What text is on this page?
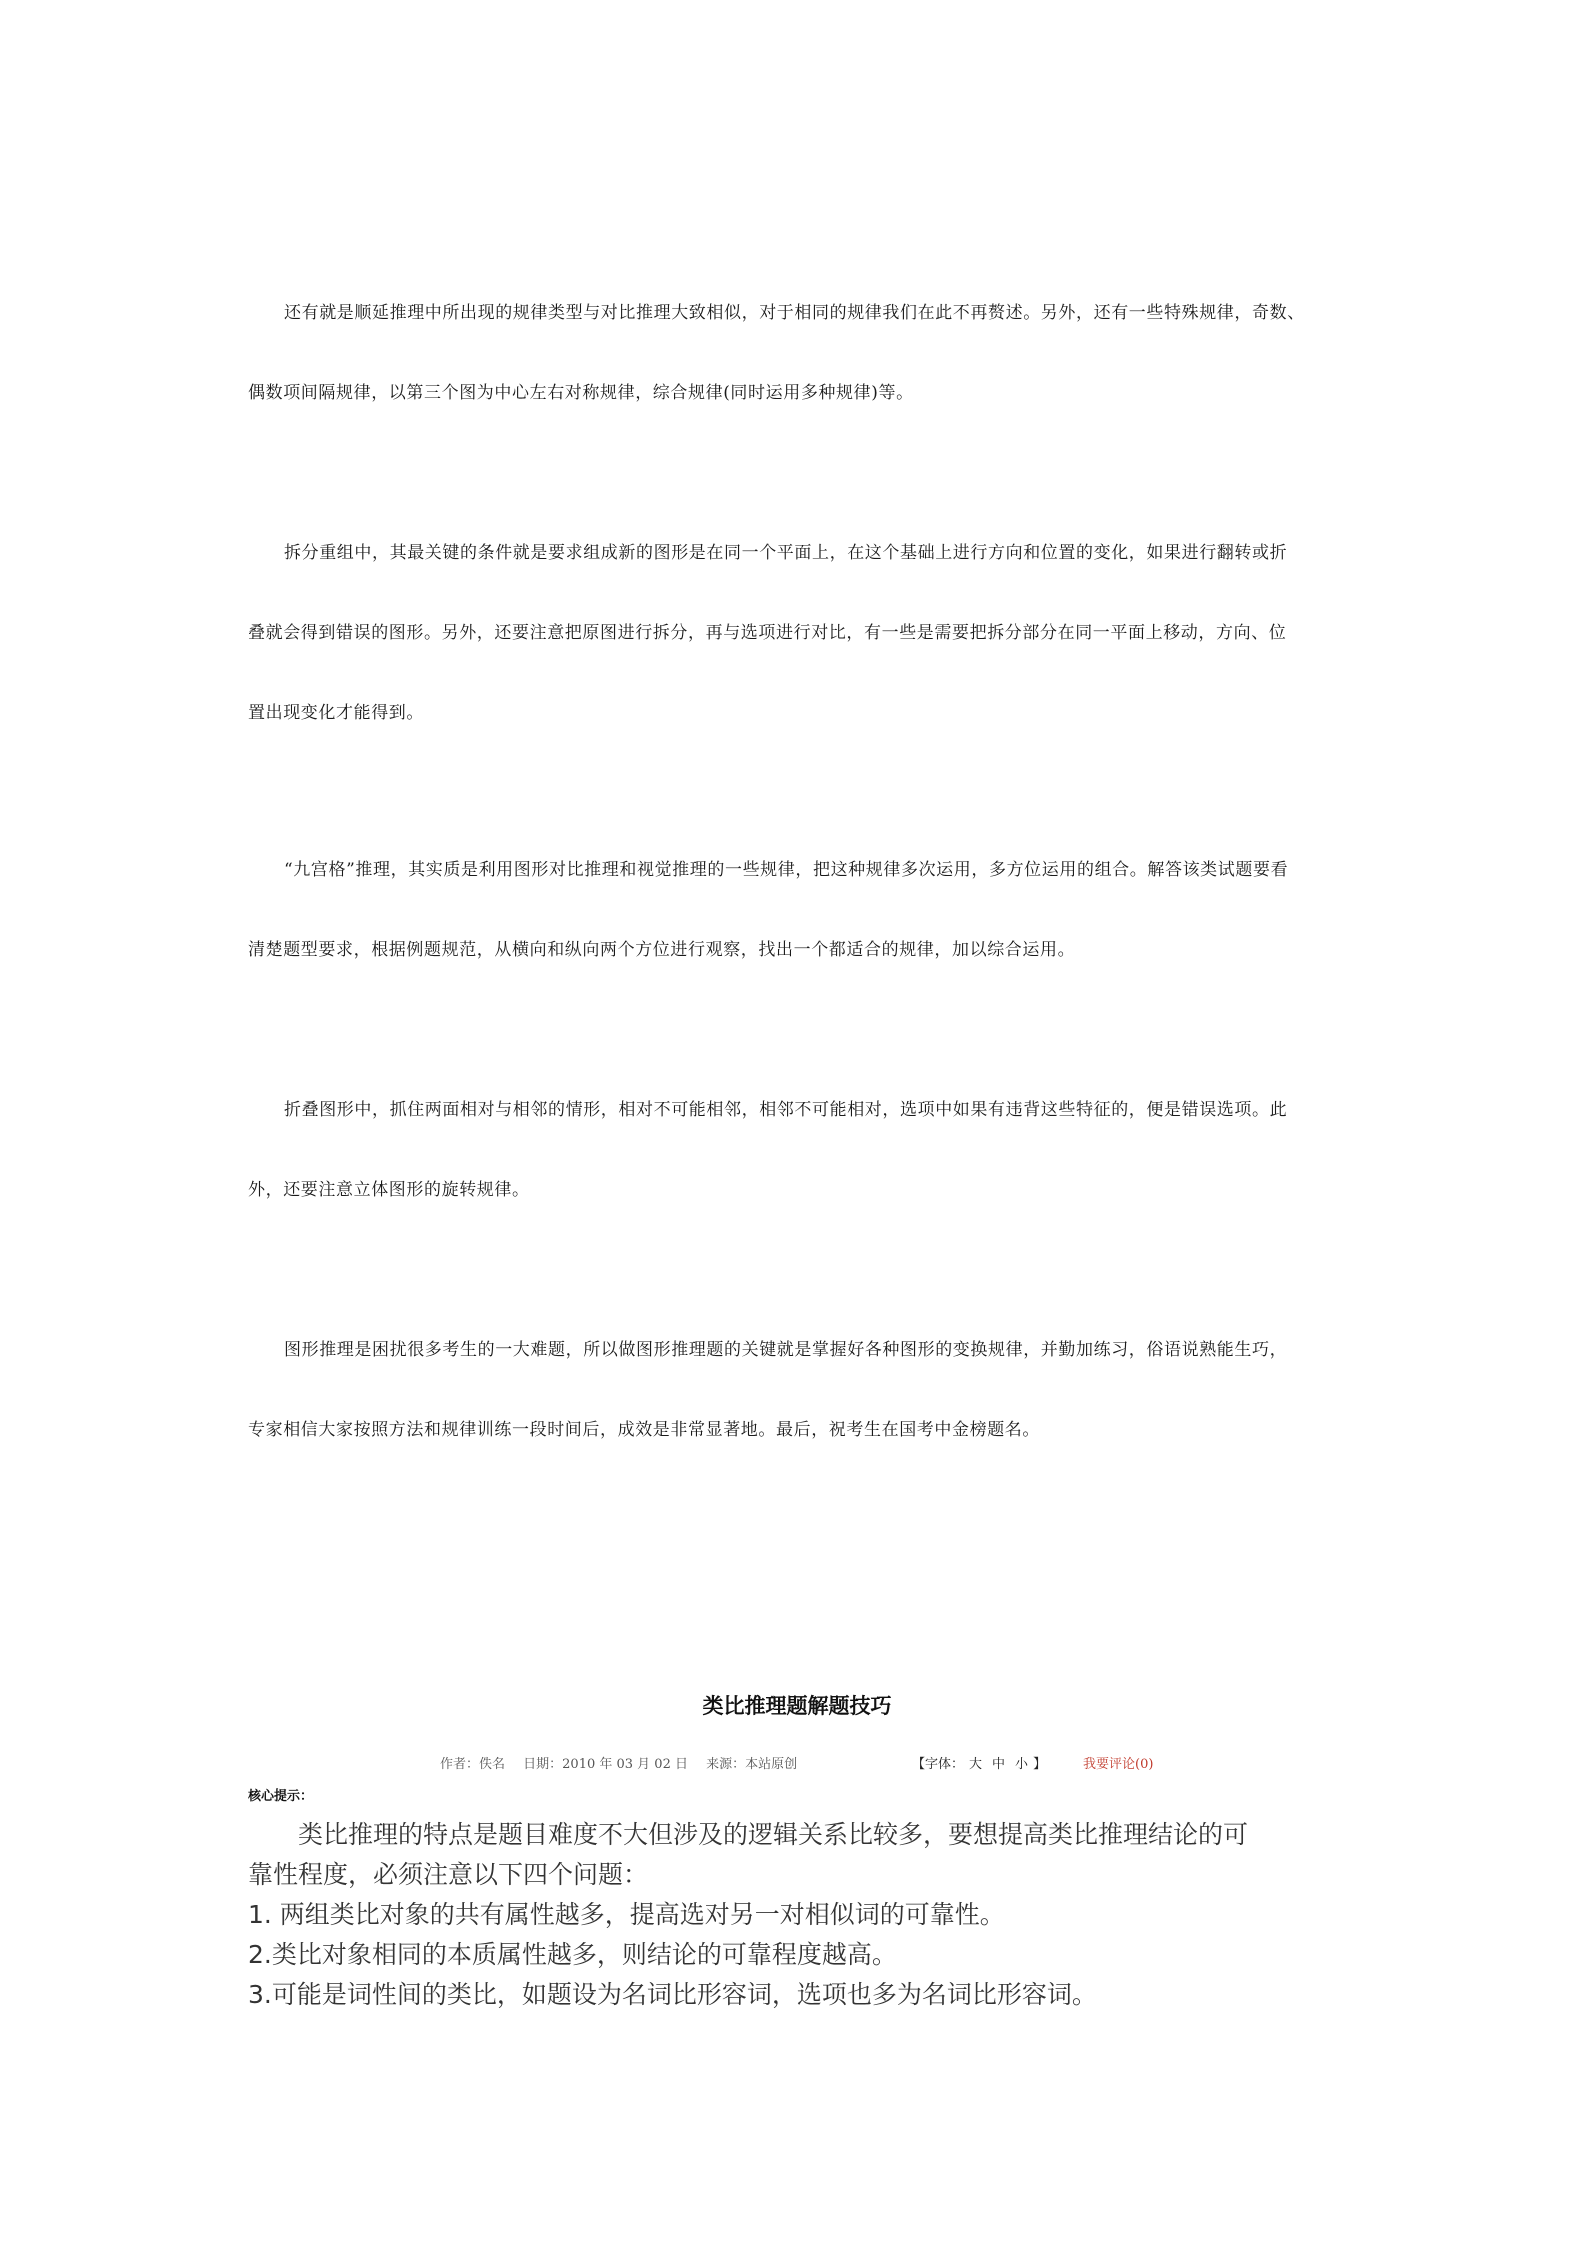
还有就是顺延推理中所出现的规律类型与对比推理大致相似，对于相同的规律我们在此不再赘述。另外，还有一些特殊规律，奇数、
偶数项间隔规律，以第三个图为中心左右对称规律，综合规律(同时运用多种规律)等。

拆分重组中，其最关键的条件就是要求组成新的图形是在同一个平面上，在这个基础上进行方向和位置的变化，如果进行翻转或折
叠就会得到错误的图形。另外，还要注意把原图进行拆分，再与选项进行对比，有一些是需要把拆分部分在同一平面上移动，方向、位
置出现变化才能得到。

“九宫格”推理，其实质是利用图形对比推理和视觉推理的一些规律，把这种规律多次运用，多方位运用的组合。解答该类试题要看
清楚题型要求，根据例题规范，从横向和纵向两个方位进行观察，找出一个都适合的规律，加以综合运用。

折叠图形中，抓住两面相对与相邻的情形，相对不可能相邻，相邻不可能相对，选项中如果有违背这些特征的，便是错误选项。此
外，还要注意立体图形的旋转规律。

图形推理是困扰很多考生的一大难题，所以做图形推理题的关键就是掌握好各种图形的变换规律，并勤加练习，俗语说熟能生巧，
专家相信大家按照方法和规律训练一段时间后，成效是非常显著地。最后，祝考生在国考中金榜题名。

类比推理题解题技巧
作者：佚名 日期：2010 年 03 月 02 日 来源：本站原创	【字体： 大 中 小 】	我要评论(0)
核心提示：
类比推理的特点是题目难度不大但涉及的逻辑关系比较多，要想提高类比推理结论的可
靠性程度，必须注意以下四个问题：
1. 两组类比对象的共有属性越多，提高选对另一对相似词的可靠性。
2.类比对象相同的本质属性越多，则结论的可靠程度越高。
3.可能是词性间的类比，如题设为名词比形容词，选项也多为名词比形容词。
